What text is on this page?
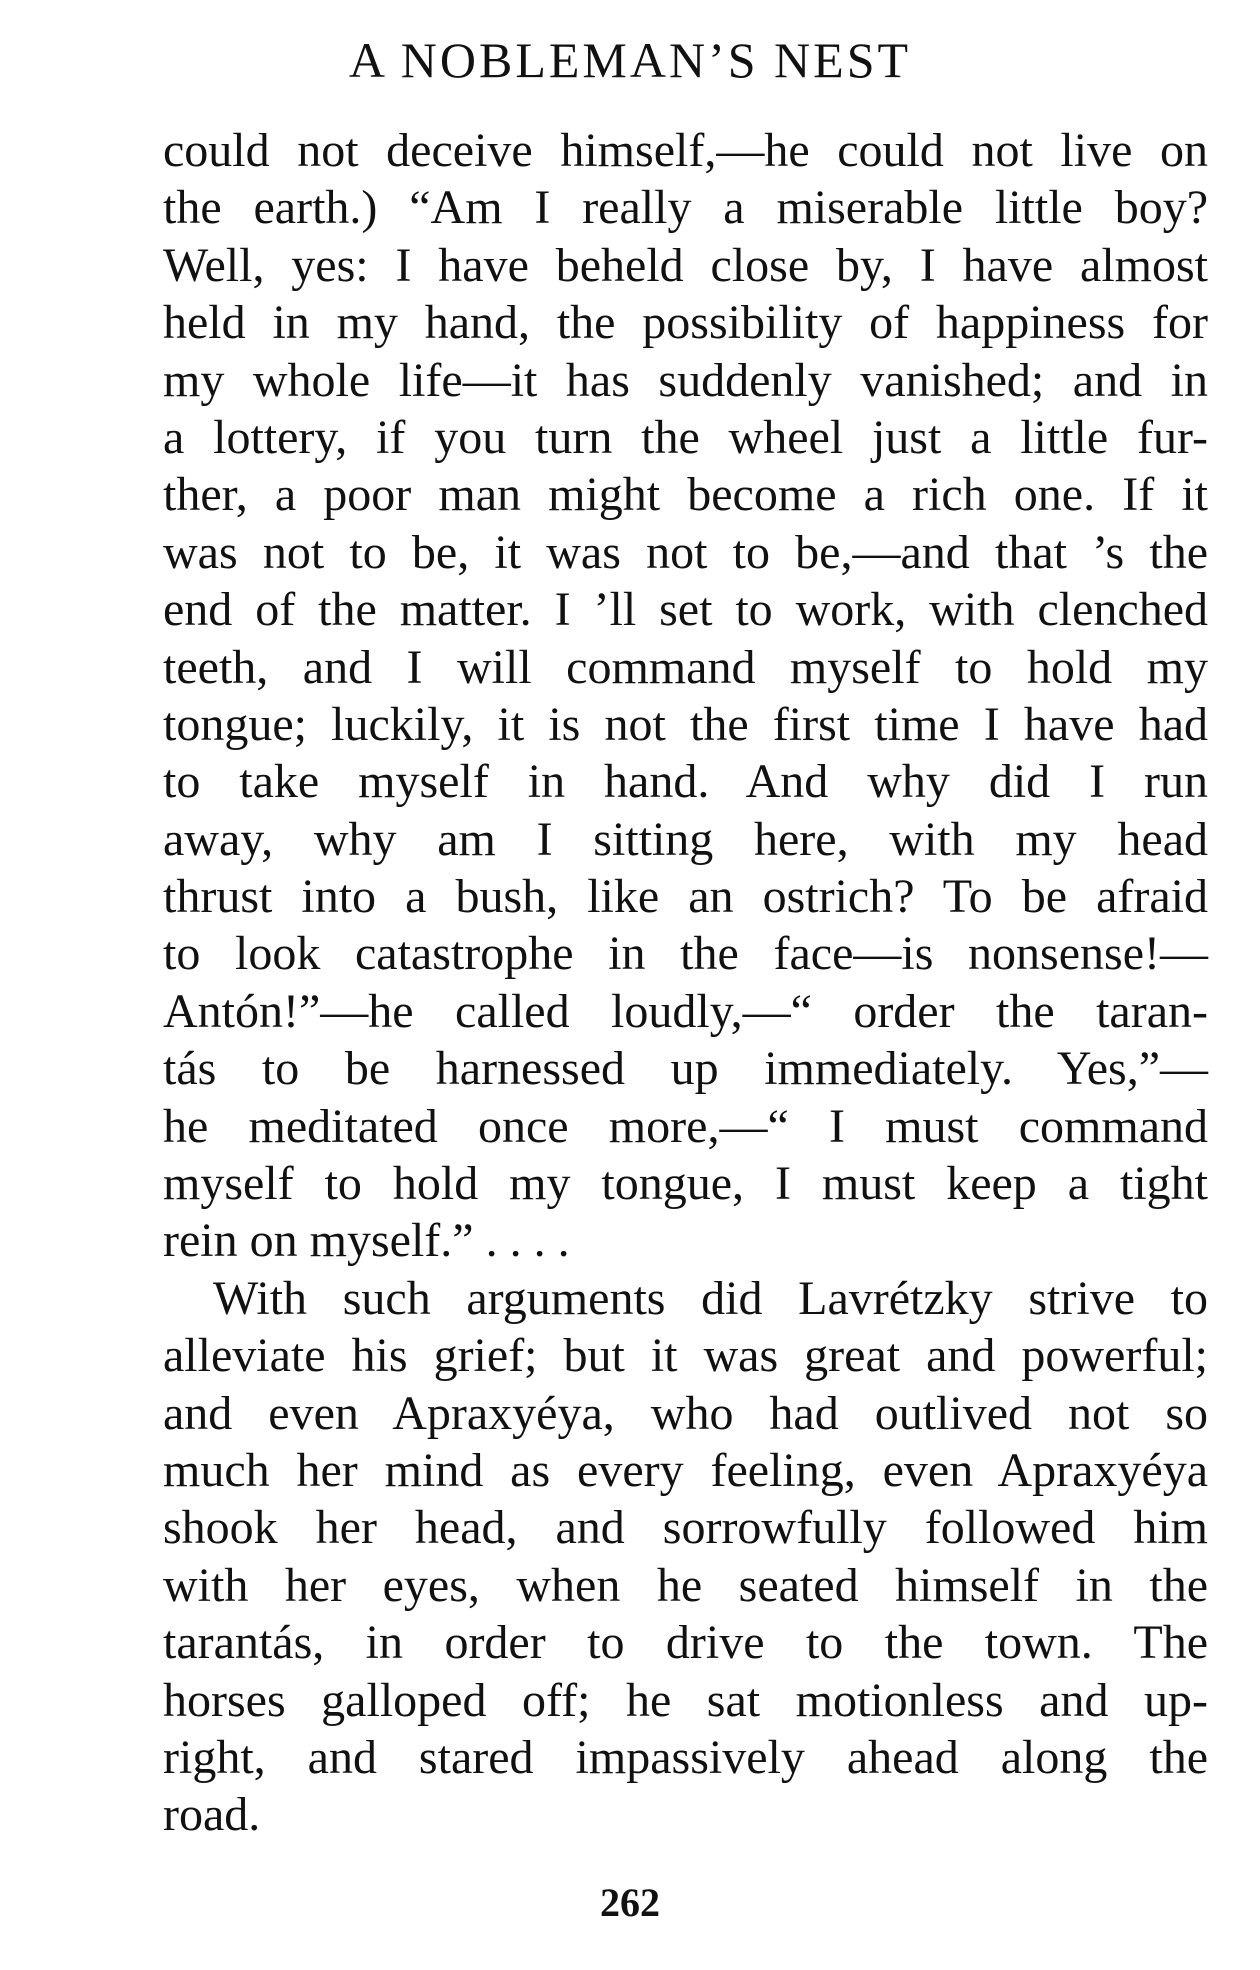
A NOBLEMAN’S NEST
could not deceive himself,—he could not live on
the earth.) “Am I really a miserable little boy?
Well, yes: I have beheld close by, I have almost
held in my hand, the possibility of happiness for
my whole life—it has suddenly vanished; and in
a lottery, if you turn the wheel just a little fur-
ther, a poor man might become a rich one. If it
was not to be, it was not to be,—and that ’s the
end of the matter. I ’ll set to work, with clenched
teeth, and I will command myself to hold my
tongue; luckily, it is not the first time I have had
to take myself in hand. And why did I run
away, why am I sitting here, with my head
thrust into a bush, like an ostrich? To be afraid
to look catastrophe in the face—is nonsense!—
Antón!”—he called loudly,—“ order the taran-
tás to be harnessed up immediately. Yes,”—
he meditated once more,—“ I must command
myself to hold my tongue, I must keep a tight
rein on myself.” . . . .
With such arguments did Lavrétzky strive to
alleviate his grief; but it was great and powerful;
and even Apraxyéya, who had outlived not so
much her mind as every feeling, even Apraxyéya
shook her head, and sorrowfully followed him
with her eyes, when he seated himself in the
tarantás, in order to drive to the town. The
horses galloped off; he sat motionless and up-
right, and stared impassively ahead along the
road.
262
